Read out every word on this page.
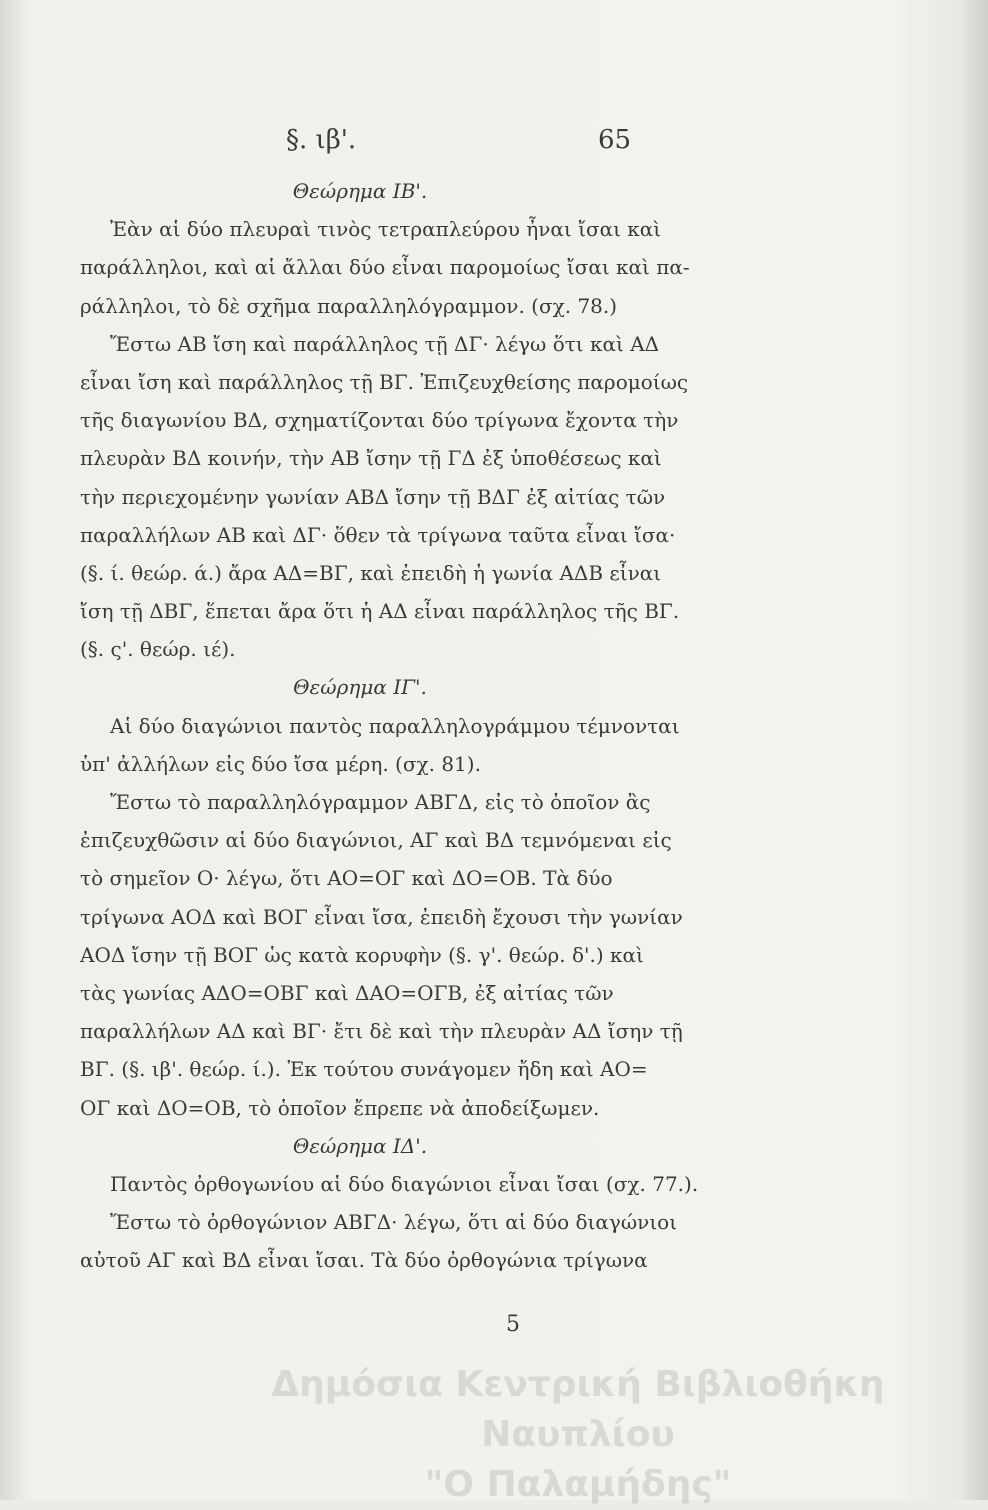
§. ιβ'.	65
Θεώρημα ΙΒ'.
Ἐὰν αἱ δύο πλευραὶ τινὸς τετραπλεύρου ἦναι ἴσαι καὶ
παράλληλοι, καὶ αἱ ἄλλαι δύο εἶναι παρομοίως ἴσαι καὶ πα-
ράλληλοι, τὸ δὲ σχῆμα παραλληλόγραμμον. (σχ. 78.)
Ἔστω ΑΒ ἴση καὶ παράλληλος τῇ ΔΓ· λέγω ὅτι καὶ ΑΔ
εἶναι ἴση καὶ παράλληλος τῇ ΒΓ. Ἐπιζευχθείσης παρομοίως
τῆς διαγωνίου ΒΔ, σχηματίζονται δύο τρίγωνα ἔχοντα τὴν
πλευρὰν ΒΔ κοινήν, τὴν ΑΒ ἴσην τῇ ΓΔ ἐξ ὑποθέσεως καὶ
τὴν περιεχομένην γωνίαν ΑΒΔ ἴσην τῇ ΒΔΓ ἐξ αἰτίας τῶν
παραλλήλων ΑΒ καὶ ΔΓ· ὅθεν τὰ τρίγωνα ταῦτα εἶναι ἴσα·
(§. ί. θεώρ. ά.) ἄρα ΑΔ=ΒΓ, καὶ ἐπειδὴ ἡ γωνία ΑΔΒ εἶναι
ἴση τῇ ΔΒΓ, ἕπεται ἄρα ὅτι ἡ ΑΔ εἶναι παράλληλος τῆς ΒΓ.
(§. ς'. θεώρ. ιέ).
Θεώρημα ΙΓ'.
Αἱ δύο διαγώνιοι παντὸς παραλληλογράμμου τέμνονται
ὑπ' ἀλλήλων εἰς δύο ἴσα μέρη. (σχ. 81).
Ἔστω τὸ παραλληλόγραμμον ΑΒΓΔ, εἰς τὸ ὁποῖον ἂς
ἐπιζευχθῶσιν αἱ δύο διαγώνιοι, ΑΓ καὶ ΒΔ τεμνόμεναι εἰς
τὸ σημεῖον Ο· λέγω, ὅτι ΑΟ=ΟΓ καὶ ΔΟ=ΟΒ. Τὰ δύο
τρίγωνα ΑΟΔ καὶ ΒΟΓ εἶναι ἴσα, ἐπειδὴ ἔχουσι τὴν γωνίαν
ΑΟΔ ἴσην τῇ ΒΟΓ ὡς κατὰ κορυφὴν (§. γ'. θεώρ. δ'.) καὶ
τὰς γωνίας ΑΔΟ=ΟΒΓ καὶ ΔΑΟ=ΟΓΒ, ἐξ αἰτίας τῶν
παραλλήλων ΑΔ καὶ ΒΓ· ἔτι δὲ καὶ τὴν πλευρὰν ΑΔ ἴσην τῇ
ΒΓ. (§. ιβ'. θεώρ. ί.). Ἐκ τούτου συνάγομεν ἤδη καὶ ΑΟ=
ΟΓ καὶ ΔΟ=ΟΒ, τὸ ὁποῖον ἔπρεπε νὰ ἀποδείξωμεν.
Θεώρημα ΙΔ'.
Παντὸς ὀρθογωνίου αἱ δύο διαγώνιοι εἶναι ἴσαι (σχ. 77.).
Ἔστω τὸ ὀρθογώνιον ΑΒΓΔ· λέγω, ὅτι αἱ δύο διαγώνιοι
αὐτοῦ ΑΓ καὶ ΒΔ εἶναι ἴσαι. Τὰ δύο ὀρθογώνια τρίγωνα
5
Δημόσια Κεντρική Βιβλιοθήκη Ναυπλίου
"Ο Παλαμήδης"
